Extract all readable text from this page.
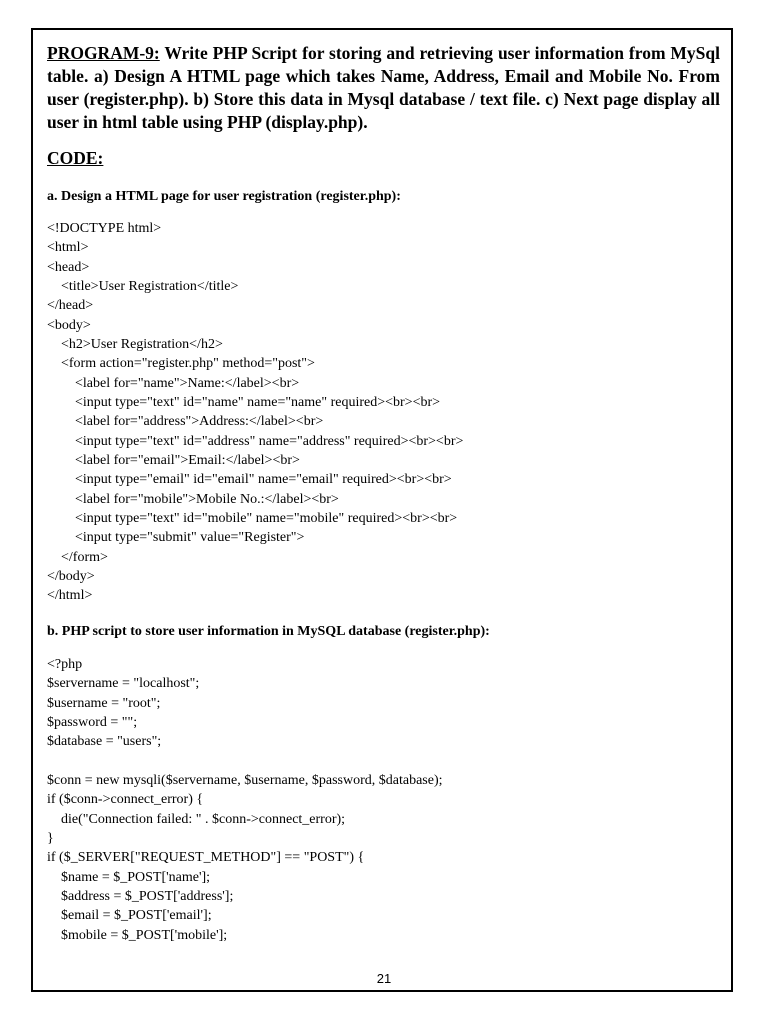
PROGRAM-9: Write PHP Script for storing and retrieving user information from MySql table. a) Design A HTML page which takes Name, Address, Email and Mobile No. From user (register.php). b) Store this data in Mysql database / text file. c) Next page display all user in html table using PHP (display.php).

CODE:

a. Design a HTML page for user registration (register.php):

<!DOCTYPE html>
<html>
<head>
<title>User Registration</title>
</head>
<body>
<h2>User Registration</h2>
<form action="register.php" method="post">
<label for="name">Name:</label><br>
<input type="text" id="name" name="name" required><br><br>
<label for="address">Address:</label><br>
<input type="text" id="address" name="address" required><br><br>
<label for="email">Email:</label><br>
<input type="email" id="email" name="email" required><br><br>
<label for="mobile">Mobile No.:</label><br>
<input type="text" id="mobile" name="mobile" required><br><br>
<input type="submit" value="Register">
</form>
</body>
</html>

b. PHP script to store user information in MySQL database (register.php):

<?php
$servername = "localhost";
$username = "root";
$password = "";
$database = "users";
$conn = new mysqli($servername, $username, $password, $database);
if ($conn->connect_error) {
die("Connection failed: " . $conn->connect_error);
}
if ($_SERVER["REQUEST_METHOD"] == "POST") {
$name = $_POST['name'];
$address = $_POST['address'];
$email = $_POST['email'];
$mobile = $_POST['mobile'];
21
